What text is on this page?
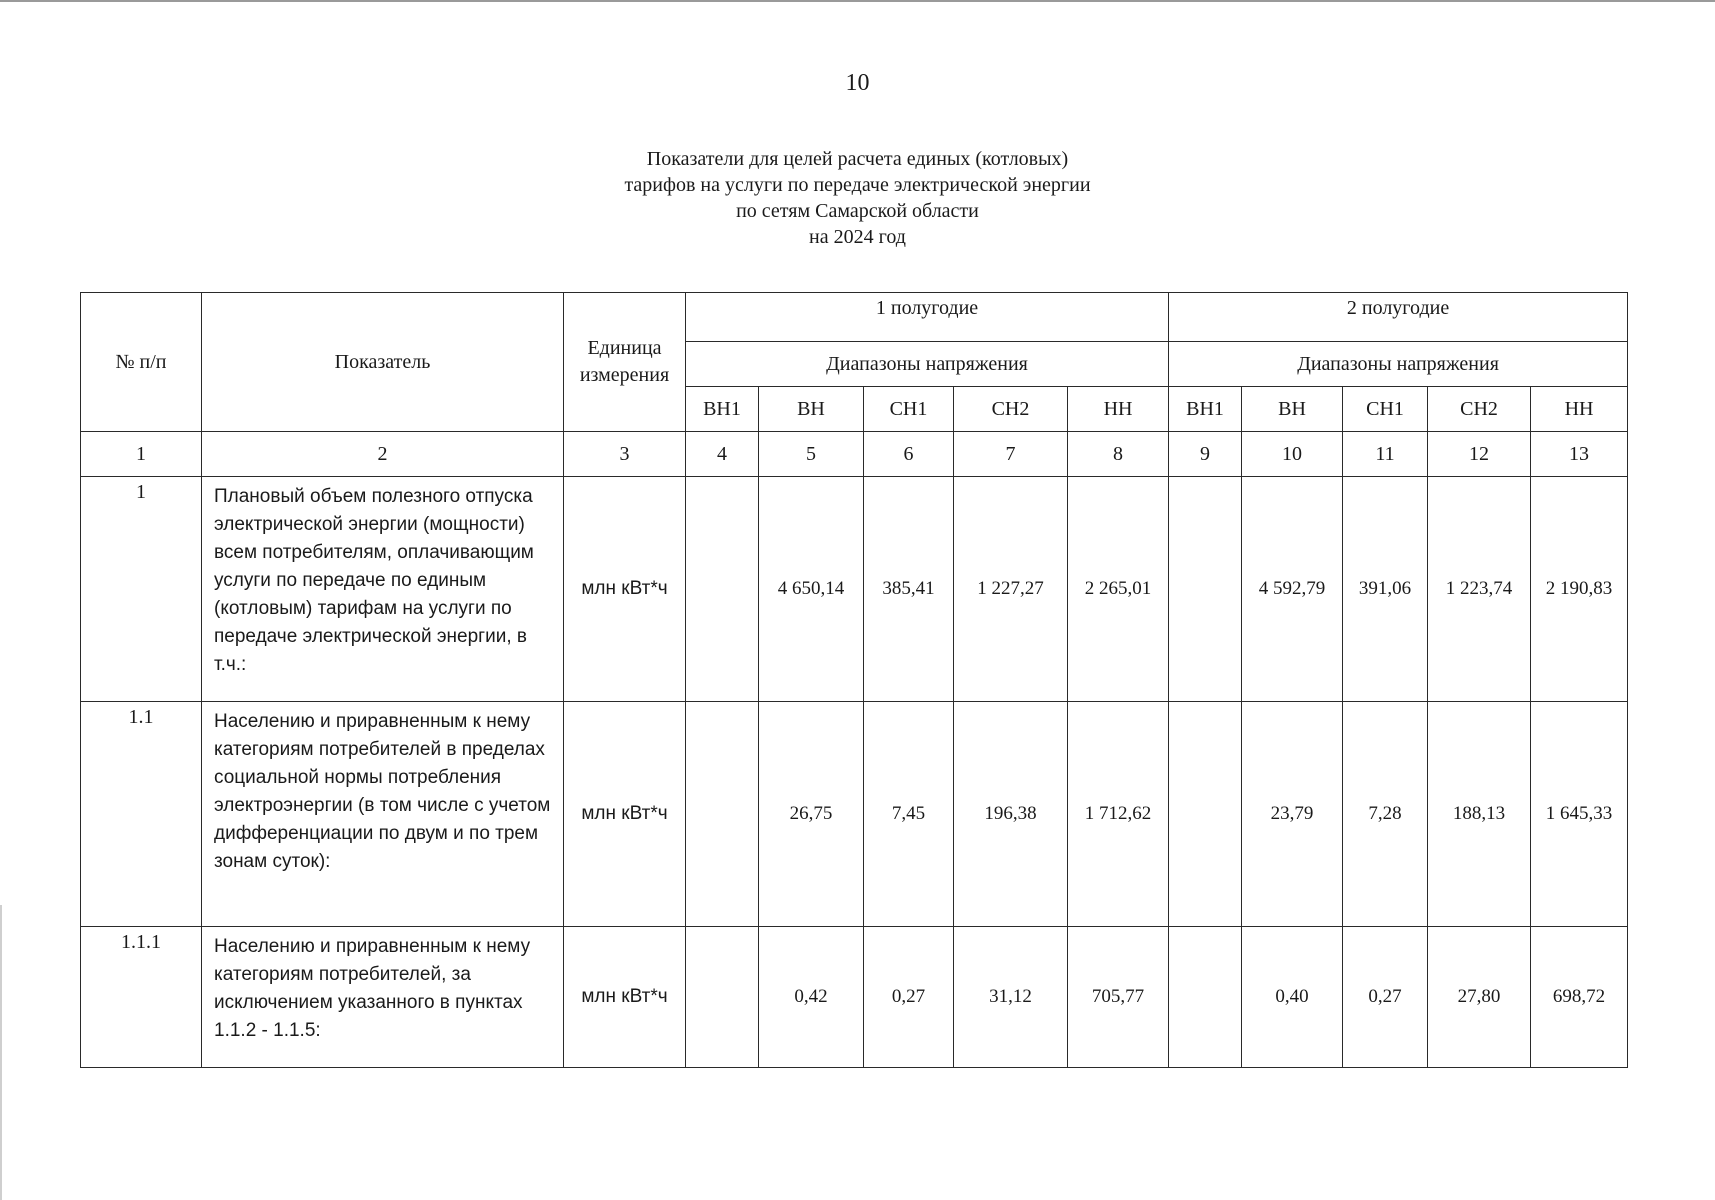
10
Показатели для целей расчета единых (котловых)
тарифов на услуги по передаче электрической энергии
по сетям Самарской области
на 2024 год
№ п/п	Показатель	Единица измерения	1 полугодие					2 полугодие				
			Диапазоны напряжения					Диапазоны напряжения				
			ВН1	ВН	СН1	СН2	НН	ВН1	ВН	СН1	СН2	НН
1	2	3	4	5	6	7	8	9	10	11	12	13
1	Плановый объем полезного отпуска электрической энергии (мощности) всем потребителям, оплачивающим услуги по передаче по единым (котловым) тарифам на услуги по передаче электрической энергии, в т.ч.:	млн кВт*ч		4 650,14	385,41	1 227,27	2 265,01		4 592,79	391,06	1 223,74	2 190,83
1.1	Населению и приравненным к нему категориям потребителей в пределах социальной нормы потребления электроэнергии (в том числе с учетом дифференциации по двум и по трем зонам суток):	млн кВт*ч		26,75	7,45	196,38	1 712,62		23,79	7,28	188,13	1 645,33
1.1.1	Населению и приравненным к нему категориям потребителей, за исключением указанного в пунктах 1.1.2 - 1.1.5:	млн кВт*ч		0,42	0,27	31,12	705,77		0,40	0,27	27,80	698,72
